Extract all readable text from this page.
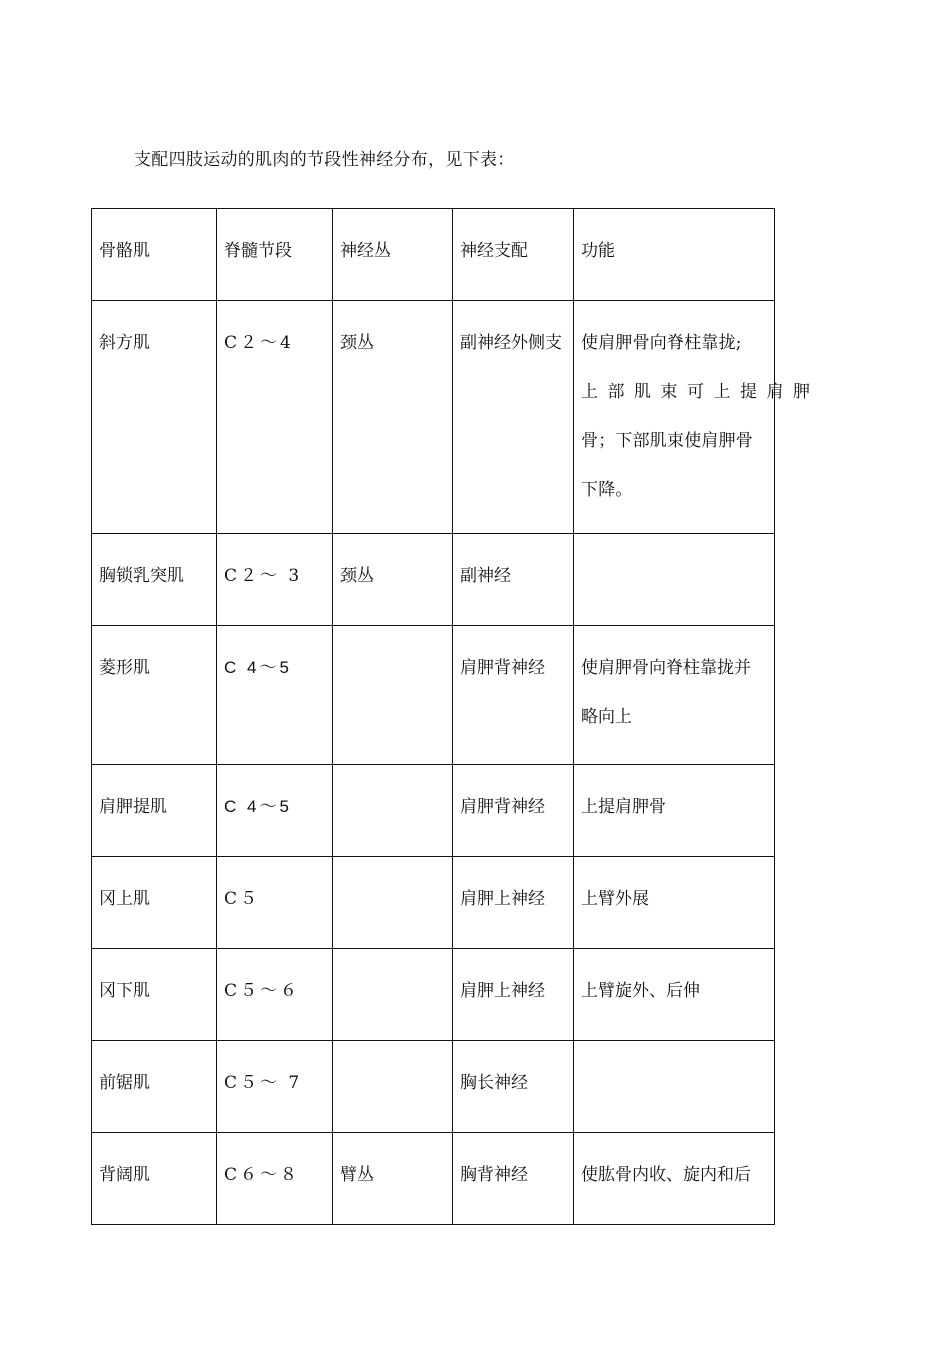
支配四肢运动的肌肉的节段性神经分布，见下表：
骨骼肌	脊髓节段	神经丛	神经支配	功能

斜方肌	C２～4	颈丛	副神经外侧支	使肩胛骨向脊柱靠拢;
上部肌束可上提肩胛
骨；下部肌束使肩胛骨
下降。

胸锁乳突肌	C２～ 3	颈丛	副神经	

菱形肌	C 4～5		肩胛背神经	使肩胛骨向脊柱靠拢并
略向上

肩胛提肌	C 4～5		肩胛背神经	上提肩胛骨

冈上肌	C５		肩胛上神经	上臂外展

冈下肌	C５～６		肩胛上神经	上臂旋外、后伸

前锯肌	C５～ 7		胸长神经	

背阔肌	C６～８	臂丛	胸背神经	使肱骨内收、旋内和后
